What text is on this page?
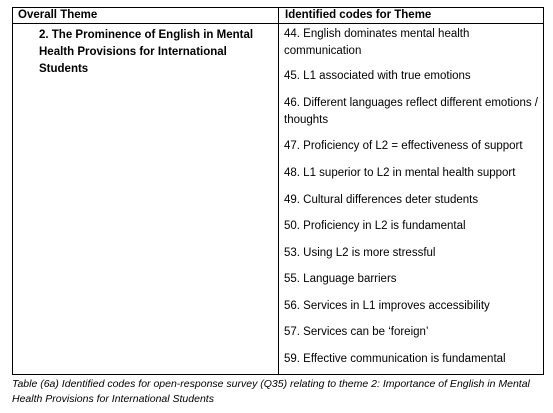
Overall Theme	Identified codes for Theme
2. The Prominence of English in Mental Health Provisions for International Students
44. English dominates mental health communication
45. L1 associated with true emotions
46. Different languages reflect different emotions / thoughts
47. Proficiency of L2 = effectiveness of support
48. L1 superior to L2 in mental health support
49. Cultural differences deter students
50. Proficiency in L2 is fundamental
53. Using L2 is more stressful
55. Language barriers
56. Services in L1 improves accessibility
57. Services can be ‘foreign’
59. Effective communication is fundamental
Table (6a) Identified codes for open-response survey (Q35) relating to theme 2: Importance of English in Mental Health Provisions for International Students
